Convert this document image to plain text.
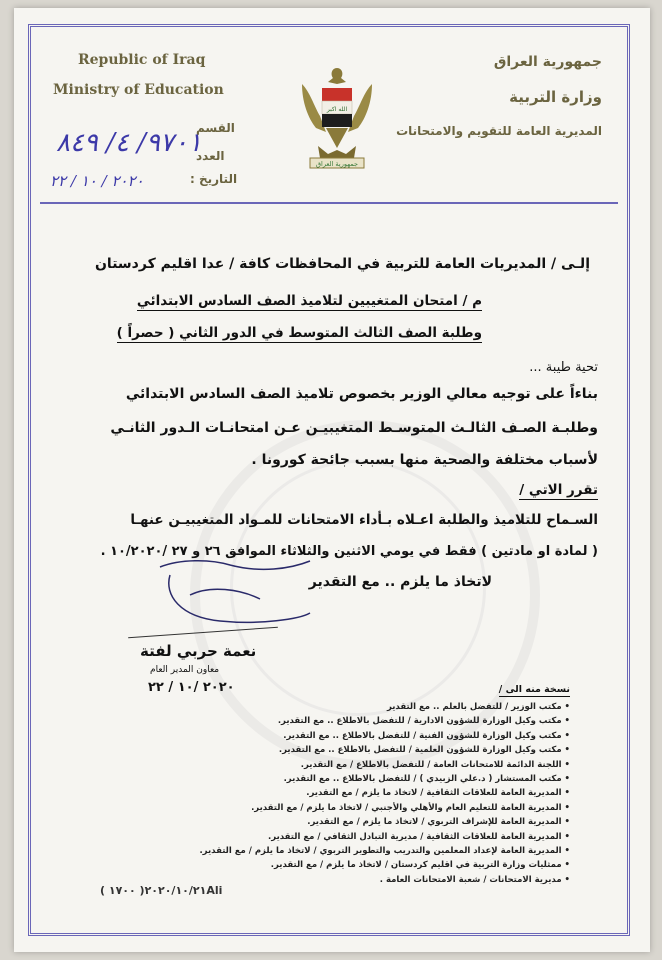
Republic of Iraq
Ministry of Education
جمهورية العراق
وزارة التربية
المديرية العامة للتقويم والامتحانات
القسم
العدد
التاريخ :
٩٧٠١/ ٤/ ٨٤٩
٢٠٢٠ / ١٠ / ٢٢
الله اكبر
جمهورية العراق
إلـى / المديريات العامة للتربية في المحافظات كافة / عدا اقليم كردستان
م / امتحان المتغيبين لتلاميذ الصف السادس الابتدائي
وطلبة الصف الثالث المتوسط في الدور الثاني ( حصراً )
تحية طيبة ...
بناءاً على توجيه معالي الوزير بخصوص تلاميذ الصف السادس الابتدائي
وطلبـة الصـف الثالـث المتوسـط المتغيبيـن عـن امتحانـات الـدور الثانـي
لأسباب مختلفة والصحية منها بسبب جائحة كورونا .
تقرر الاتي /
السـماح للتلاميذ والطلبة اعـلاه بـأداء الامتحانات للمـواد المتغيبيـن عنهـا
( لمادة او مادتين ) فقط في يومي الاثنين والثلاثاء الموافق ٢٦ و ٢٧ /١٠/٢٠٢٠ .
لاتخاذ ما يلزم .. مع التقدير
نعمة حربي لفتة
معاون المدير العام
٢٠٢٠ /١٠ / ٢٢	نسخة منه الى /
• مكتب الوزير / للتفضل بالعلم .. مع التقدير
• مكتب وكيل الوزارة للشؤون الادارية / للتفضل بالاطلاع .. مع التقدير.
• مكتب وكيل الوزارة للشؤون الفنية / للتفضل بالاطلاع .. مع التقدير.
• مكتب وكيل الوزارة للشؤون العلمية / للتفضل بالاطلاع .. مع التقدير.
• اللجنة الدائمة للامتحانات العامة / للتفضل بالاطلاع / مع التقدير.
• مكتب المستشار ( د.علي الزبيدي ) / للتفضل بالاطلاع .. مع التقدير.
• المديرية العامة للعلاقات الثقافية / لاتخاذ ما يلزم / مع التقدير.
• المديرية العامة للتعليم العام والأهلي والأجنبي / لاتخاذ ما يلزم / مع التقدير.
• المديرية العامة للإشراف التربوي / لاتخاذ ما يلزم / مع التقدير.
• المديرية العامة للعلاقات الثقافية / مديرية التبادل الثقافي / مع التقدير.
• المديرية العامة لإعداد المعلمين والتدريب والتطوير التربوي / لاتخاذ ما يلزم / مع التقدير.
• ممثليات وزارة التربية في اقليم كردستان / لاتخاذ ما يلزم / مع التقدير.
• مديرية الامتحانات / شعبة الامتحانات العامة .
( ١٧٠٠ )٢٠٢٠/١٠/٢١Ali
